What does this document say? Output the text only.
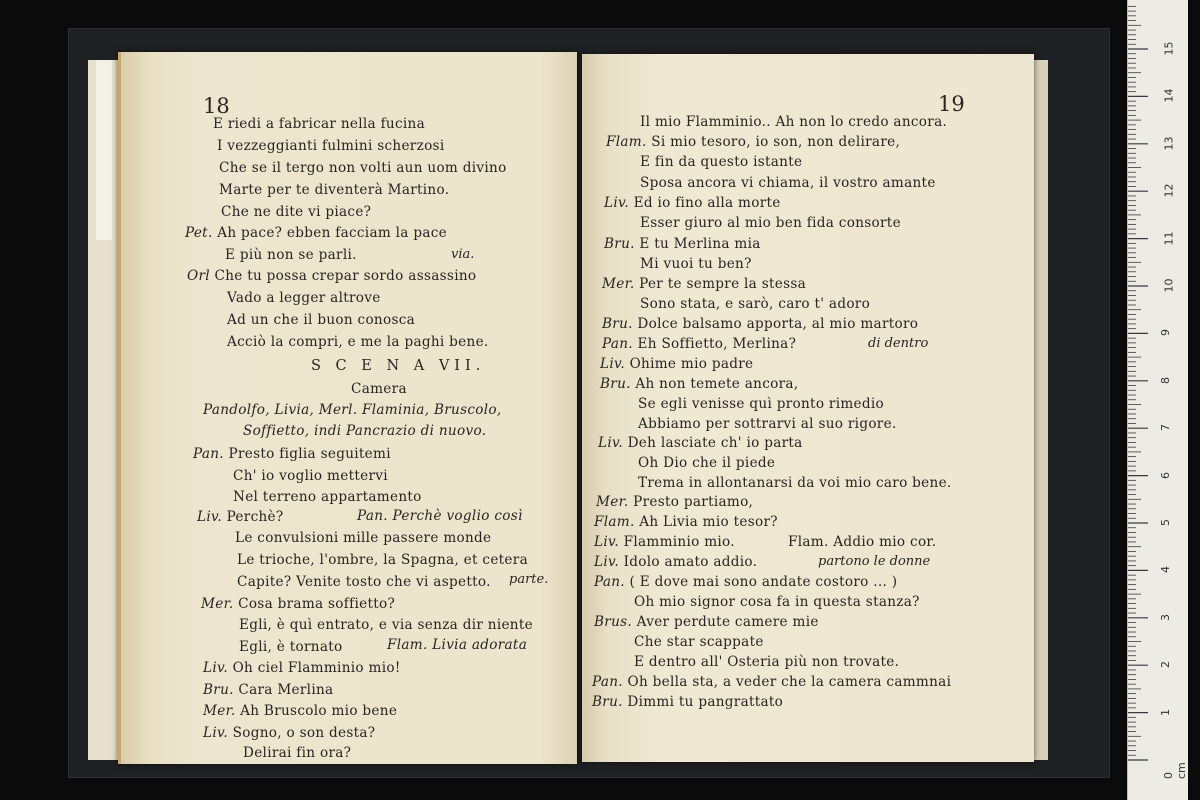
18
E riedi a fabricar nella fucina
I vezzeggianti fulmini scherzosi
Che se il tergo non volti aun uom divino
Marte per te diventerà Martino.
Che ne dite vi piace?
Pet. Ah pace? ebben facciam la pace
E più non se parli.	via.
Orl Che tu possa crepar sordo assassino
Vado a legger altrove
Ad un che il buon conosca
Acciò la compri, e me la paghi bene.
S C E N A VII.
Camera
Pandolfo, Livia, Merl. Flaminia, Bruscolo,
Soffietto, indi Pancrazio di nuovo.
Pan. Presto figlia seguitemi
Ch' io voglio mettervi
Nel terreno appartamento
Liv. Perchè?	Pan. Perchè voglio così
Le convulsioni mille passere monde
Le trioche, l'ombre, la Spagna, et cetera
Capite? Venite tosto che vi aspetto. parte.
Mer. Cosa brama soffietto?
Egli, è quì entrato, e via senza dir niente
Egli, è tornato	Flam. Livia adorata
Liv. Oh ciel Flamminio mio!
Bru. Cara Merlina
Mer. Ah Bruscolo mio bene
Liv. Sogno, o son desta?
Delirai fin ora?
19
Il mio Flamminio.. Ah non lo credo ancora.
Flam. Si mio tesoro, io son, non delirare,
E fin da questo istante
Sposa ancora vi chiama, il vostro amante
Liv. Ed io fino alla morte
Esser giuro al mio ben fida consorte
Bru. E tu Merlina mia
Mi vuoi tu ben?
Mer. Per te sempre la stessa
Sono stata, e sarò, caro t' adoro
Bru. Dolce balsamo apporta, al mio martoro
Pan. Eh Soffietto, Merlina?	di dentro
Liv. Ohime mio padre
Bru. Ah non temete ancora,
Se egli venisse quì pronto rimedio
Abbiamo per sottrarvi al suo rigore.
Liv. Deh lasciate ch' io parta
Oh Dio che il piede
Trema in allontanarsi da voi mio caro bene.
Mer. Presto partiamo,
Flam. Ah Livia mio tesor?
Liv. Flamminio mio.	Flam. Addio mio cor.
Liv. Idolo amato addio.	partono le donne
Pan. ( E dove mai sono andate costoro ... )
Oh mio signor cosa fa in questa stanza?
Brus. Aver perdute camere mie
Che star scappate
E dentro all' Osteria più non trovate.
Pan. Oh bella sta, a veder che la camera cammnai
Bru. Dimmi tu pangrattato
0 cm
1
2
3
4
5
6
7
8
9
10
11
12
13
14
15
